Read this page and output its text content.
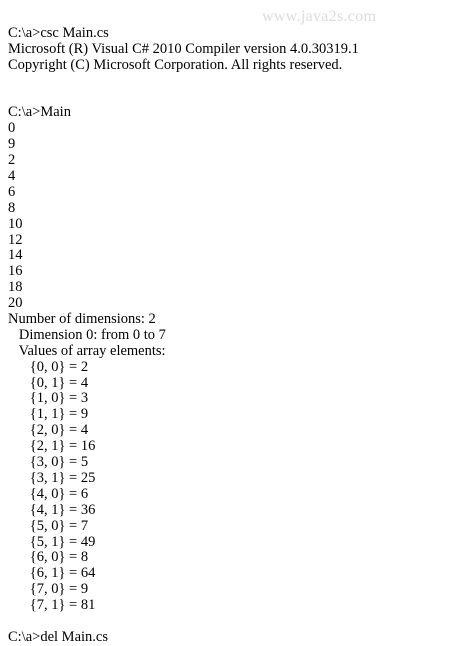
www.java2s.com
C:\a>csc Main.cs
Microsoft (R) Visual C# 2010 Compiler version 4.0.30319.1
Copyright (C) Microsoft Corporation. All rights reserved.
C:\a>Main
0
9
2
4
6
8
10
12
14
16
18
20
Number of dimensions: 2
Dimension 0: from 0 to 7
Values of array elements:
{0, 0} = 2
{0, 1} = 4
{1, 0} = 3
{1, 1} = 9
{2, 0} = 4
{2, 1} = 16
{3, 0} = 5
{3, 1} = 25
{4, 0} = 6
{4, 1} = 36
{5, 0} = 7
{5, 1} = 49
{6, 0} = 8
{6, 1} = 64
{7, 0} = 9
{7, 1} = 81
C:\a>del Main.cs
